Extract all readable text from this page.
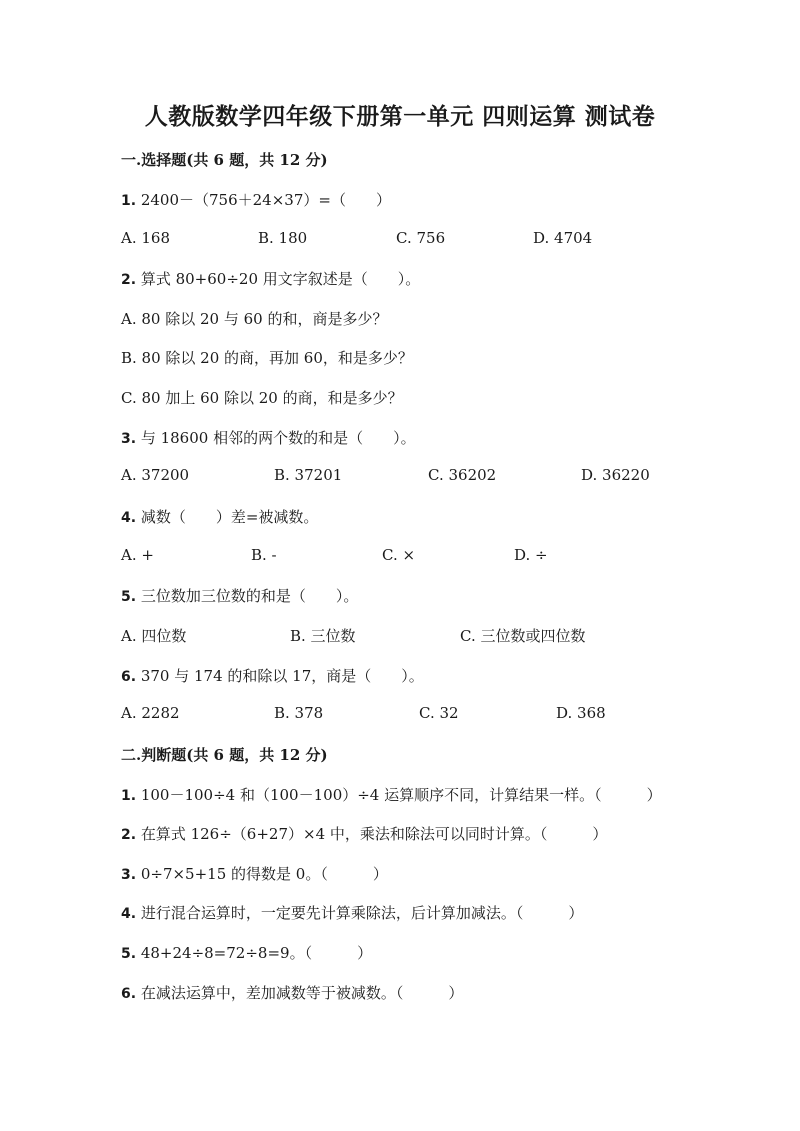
人教版数学四年级下册第一单元 四则运算 测试卷
一.选择题(共 6 题，共 12 分)
1. 2400－（756＋24×37）=（　　）
A. 168	B. 180	C. 756	D. 4704
2. 算式 80+60÷20 用文字叙述是（　　）。
A. 80 除以 20 与 60 的和，商是多少？
B. 80 除以 20 的商，再加 60，和是多少？
C. 80 加上 60 除以 20 的商，和是多少？
3. 与 18600 相邻的两个数的和是（　　）。
A. 37200	B. 37201	C. 36202	D. 36220
4. 减数（　　）差=被减数。
A. +	B. -	C. ×	D. ÷
5. 三位数加三位数的和是（　　）。
A. 四位数	B. 三位数	C. 三位数或四位数
6. 370 与 174 的和除以 17，商是（　　）。
A. 2282	B. 378	C. 32	D. 368
二.判断题(共 6 题，共 12 分)
1. 100－100÷4 和（100－100）÷4 运算顺序不同，计算结果一样。（　　　）
2. 在算式 126÷（6+27）×4 中，乘法和除法可以同时计算。（　　　）
3. 0÷7×5+15 的得数是 0。（　　　）
4. 进行混合运算时，一定要先计算乘除法，后计算加减法。（　　　）
5. 48+24÷8=72÷8=9。（　　　）
6. 在减法运算中，差加减数等于被减数。（　　　）
